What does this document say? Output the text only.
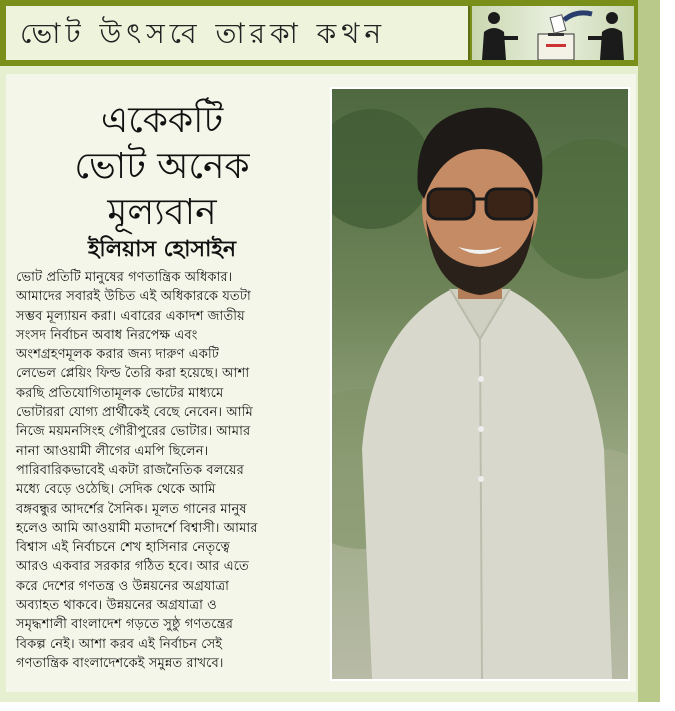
ভোট উৎসবে তারকা কথন
একেকটি
ভোট অনেক
মূল্যবান
ইলিয়াস হোসাইন
ভোট প্রতিটি মানুষের গণতান্ত্রিক অধিকার।
আমাদের সবারই উচিত এই অধিকারকে যতটা
সম্ভব মূল্যায়ন করা। এবারের একাদশ জাতীয়
সংসদ নির্বাচন অবাধ নিরপেক্ষ এবং
অংশগ্রহণমূলক করার জন্য দারুণ একটি
লেভেল প্লেয়িং ফিল্ড তৈরি করা হয়েছে। আশা
করছি প্রতিযোগিতামূলক ভোটের মাধ্যমে
ভোটাররা যোগ্য প্রার্থীকেই বেছে নেবেন। আমি
নিজে ময়মনসিংহ গৌরীপুরের ভোটার। আমার
নানা আওয়ামী লীগের এমপি ছিলেন।
পারিবারিকভাবেই একটা রাজনৈতিক বলয়ের
মধ্যে বেড়ে ওঠেছি। সেদিক থেকে আমি
বঙ্গবন্ধুর আদর্শের সৈনিক। মূলত গানের মানুষ
হলেও আমি আওয়ামী মতাদর্শে বিশ্বাসী। আমার
বিশ্বাস এই নির্বাচনে শেখ হাসিনার নেতৃত্বে
আরও একবার সরকার গঠিত হবে। আর এতে
করে দেশের গণতন্ত্র ও উন্নয়নের অগ্রযাত্রা
অব্যাহত থাকবে। উন্নয়নের অগ্রযাত্রা ও
সমৃদ্ধশালী বাংলাদেশ গড়তে সুষ্ঠু গণতন্ত্রের
বিকল্প নেই। আশা করব এই নির্বাচন সেই
গণতান্ত্রিক বাংলাদেশকেই সমুন্নত রাখবে।
